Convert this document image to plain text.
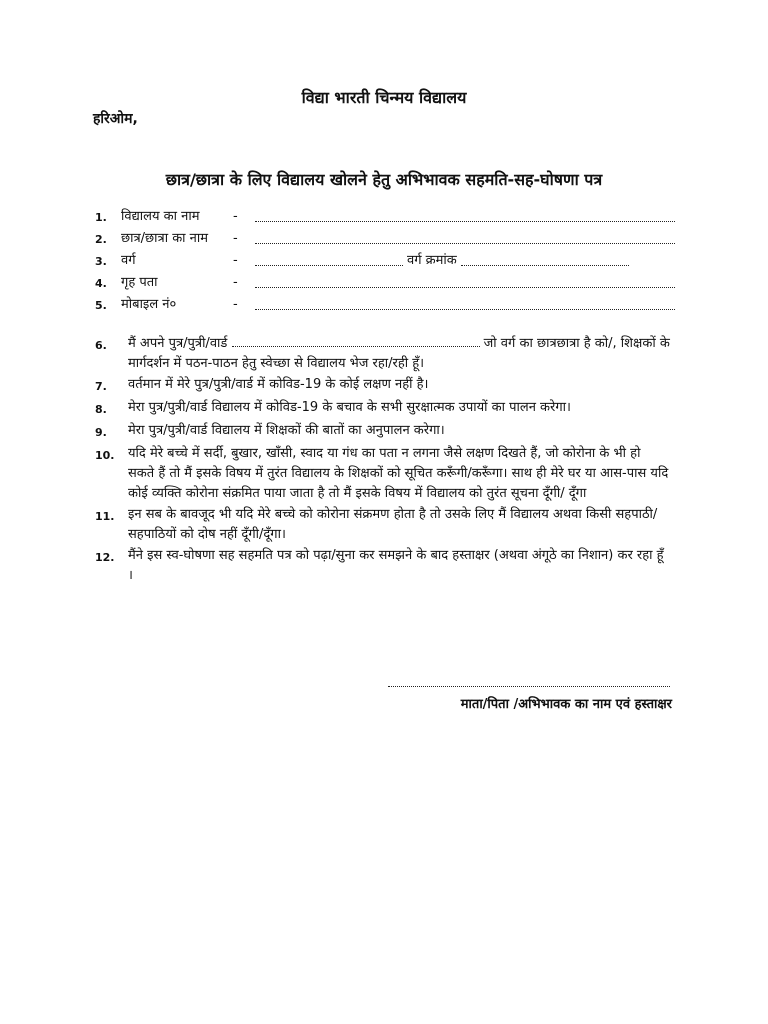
विद्या भारती चिन्मय विद्यालय
हरिओम,
छात्र/छात्रा के लिए विद्यालय खोलने हेतु अभिभावक सहमति-सह-घोषणा पत्र
1.	विद्यालय का नाम	-
2.	छात्र/छात्रा का नाम	-
3.	वर्ग	-	वर्ग क्रमांक
4.	गृह पता	-
5.	मोबाइल नं०	-
6.	मैं अपने पुत्र/पुत्री/वार्ड	जो वर्ग का छात्रछात्रा है को/, शिक्षकों के मार्गदर्शन में पठन-पाठन हेतु स्वेच्छा से विद्यालय भेज रहा/रही हूँ।
7.	वर्तमान में मेरे पुत्र/पुत्री/वार्ड में कोविड-19 के कोई लक्षण नहीं है।
8.	मेरा पुत्र/पुत्री/वार्ड विद्यालय में कोविड-19 के बचाव के सभी सुरक्षात्मक उपायों का पालन करेगा।
9.	मेरा पुत्र/पुत्री/वार्ड विद्यालय में शिक्षकों की बातों का अनुपालन करेगा।
10.	यदि मेरे बच्चे में सर्दी, बुखार, खाँसी, स्वाद या गंध का पता न लगना जैसे लक्षण दिखते हैं, जो कोरोना के भी हो सकते हैं तो मैं इसके विषय में तुरंत विद्यालय के शिक्षकों को सूचित करूँगी/करूँगा। साथ ही मेरे घर या आस-पास यदि कोई व्यक्ति कोरोना संक्रमित पाया जाता है तो मैं इसके विषय में विद्यालय को तुरंत सूचना दूँगी/ दूँगा
11.	इन सब के बावजूद भी यदि मेरे बच्चे को कोरोना संक्रमण होता है तो उसके लिए मैं विद्यालय अथवा किसी सहपाठी/सहपाठियों को दोष नहीं दूँगी/दूँगा।
12.	मैंने इस स्व-घोषणा सह सहमति पत्र को पढ़ा/सुना कर समझने के बाद हस्ताक्षर (अथवा अंगूठे का निशान) कर रहा हूँ ।
माता/पिता /अभिभावक का नाम एवं हस्ताक्षर
